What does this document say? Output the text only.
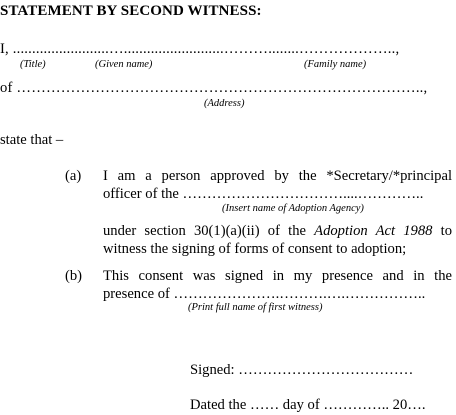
STATEMENT BY SECOND WITNESS:
I, .........................…..........................………........………………..,
(Title)	(Given name)	(Family name)
of ………………………………………………………………………..,
(Address)
state that –
(a) I am a person approved by the *Secretary/*principal
officer of the ……………………………....…………..
(Insert name of Adoption Agency)
under section 30(1)(a)(ii) of the Adoption Act 1988 to
witness the signing of forms of consent to adoption;
(b) This consent was signed in my presence and in the
presence of ………………….……….….……………..
(Print full name of first witness)
Signed: ………………………………
Dated the …… day of ………….. 20….
